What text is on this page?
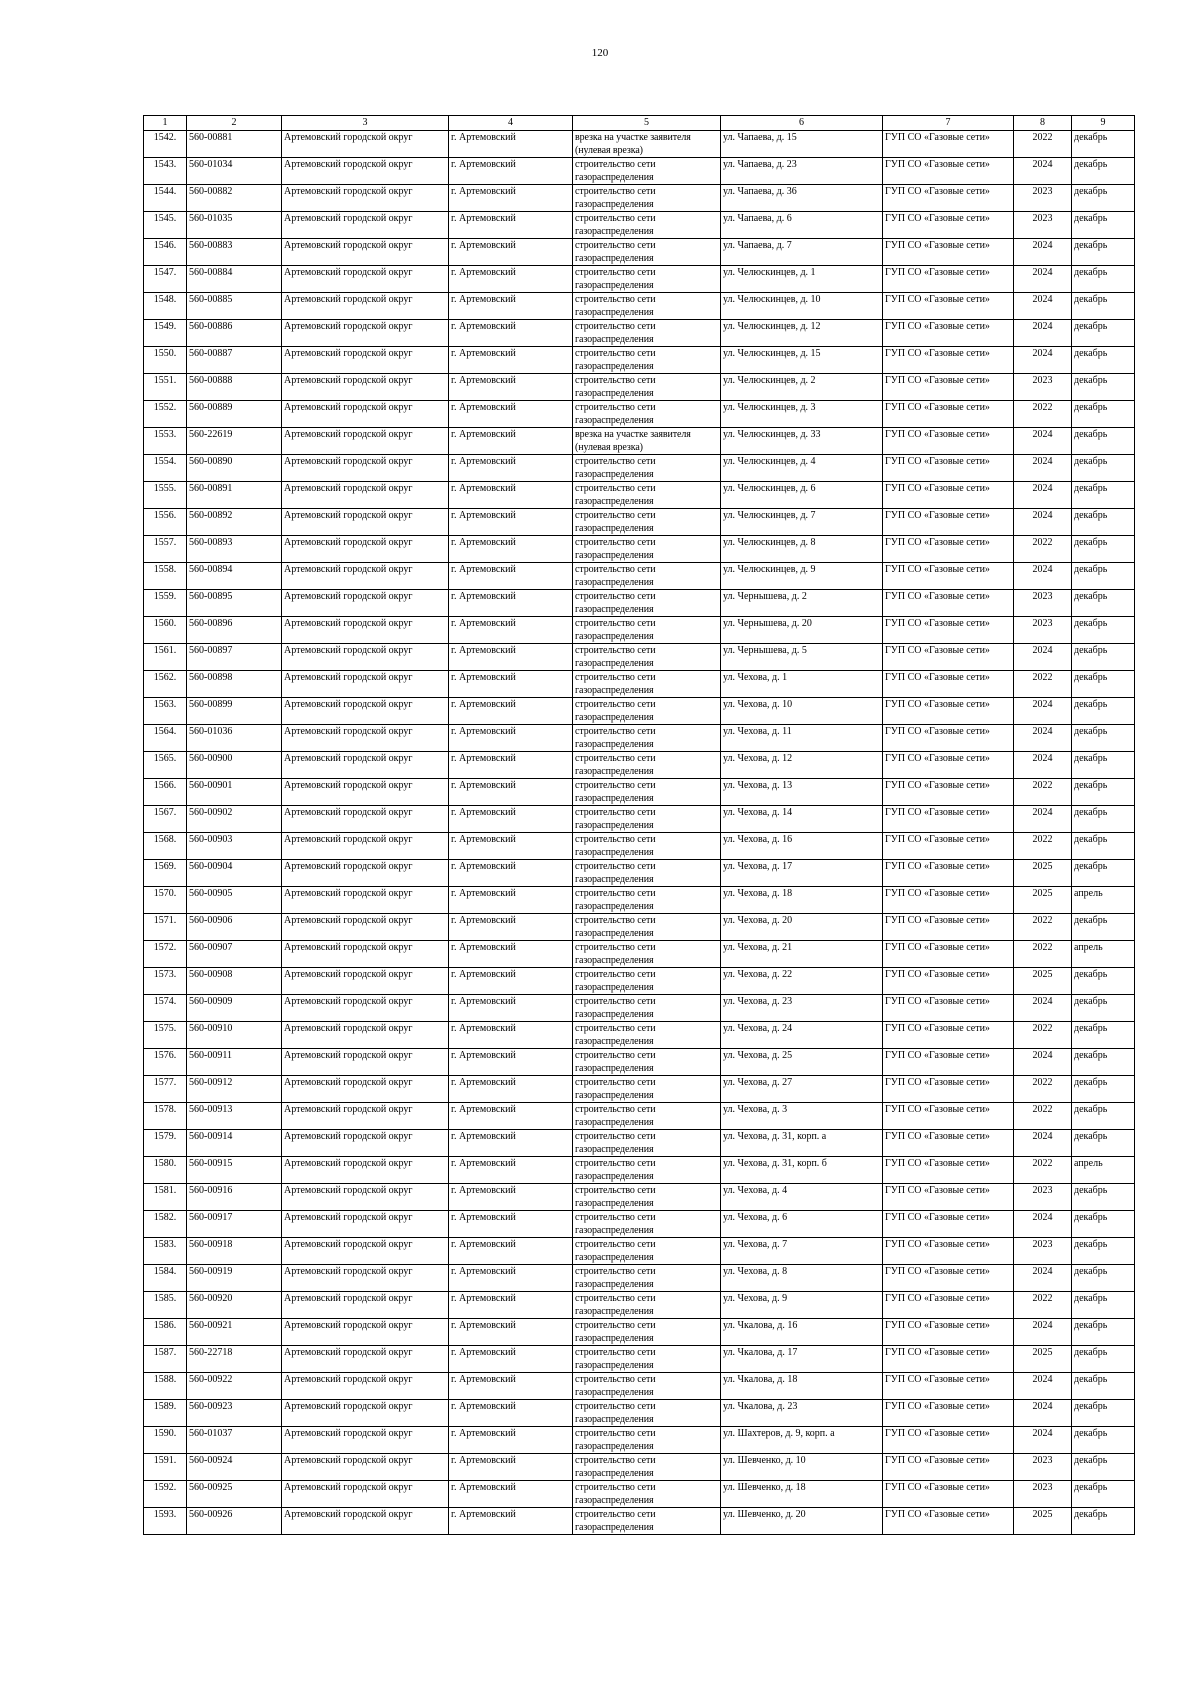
120
1	2	3	4	5	6	7	8	9
1542.	560-00881	Артемовский городской округ	г. Артемовский	врезка на участке заявителя (нулевая врезка)	ул. Чапаева, д. 15	ГУП СО «Газовые сети»	2022	декабрь
1543.	560-01034	Артемовский городской округ	г. Артемовский	строительство сети газораспределения	ул. Чапаева, д. 23	ГУП СО «Газовые сети»	2024	декабрь
1544.	560-00882	Артемовский городской округ	г. Артемовский	строительство сети газораспределения	ул. Чапаева, д. 36	ГУП СО «Газовые сети»	2023	декабрь
1545.	560-01035	Артемовский городской округ	г. Артемовский	строительство сети газораспределения	ул. Чапаева, д. 6	ГУП СО «Газовые сети»	2023	декабрь
1546.	560-00883	Артемовский городской округ	г. Артемовский	строительство сети газораспределения	ул. Чапаева, д. 7	ГУП СО «Газовые сети»	2024	декабрь
1547.	560-00884	Артемовский городской округ	г. Артемовский	строительство сети газораспределения	ул. Челюскинцев, д. 1	ГУП СО «Газовые сети»	2024	декабрь
1548.	560-00885	Артемовский городской округ	г. Артемовский	строительство сети газораспределения	ул. Челюскинцев, д. 10	ГУП СО «Газовые сети»	2024	декабрь
1549.	560-00886	Артемовский городской округ	г. Артемовский	строительство сети газораспределения	ул. Челюскинцев, д. 12	ГУП СО «Газовые сети»	2024	декабрь
1550.	560-00887	Артемовский городской округ	г. Артемовский	строительство сети газораспределения	ул. Челюскинцев, д. 15	ГУП СО «Газовые сети»	2024	декабрь
1551.	560-00888	Артемовский городской округ	г. Артемовский	строительство сети газораспределения	ул. Челюскинцев, д. 2	ГУП СО «Газовые сети»	2023	декабрь
1552.	560-00889	Артемовский городской округ	г. Артемовский	строительство сети газораспределения	ул. Челюскинцев, д. 3	ГУП СО «Газовые сети»	2022	декабрь
1553.	560-22619	Артемовский городской округ	г. Артемовский	врезка на участке заявителя (нулевая врезка)	ул. Челюскинцев, д. 33	ГУП СО «Газовые сети»	2024	декабрь
1554.	560-00890	Артемовский городской округ	г. Артемовский	строительство сети газораспределения	ул. Челюскинцев, д. 4	ГУП СО «Газовые сети»	2024	декабрь
1555.	560-00891	Артемовский городской округ	г. Артемовский	строительство сети газораспределения	ул. Челюскинцев, д. 6	ГУП СО «Газовые сети»	2024	декабрь
1556.	560-00892	Артемовский городской округ	г. Артемовский	строительство сети газораспределения	ул. Челюскинцев, д. 7	ГУП СО «Газовые сети»	2024	декабрь
1557.	560-00893	Артемовский городской округ	г. Артемовский	строительство сети газораспределения	ул. Челюскинцев, д. 8	ГУП СО «Газовые сети»	2022	декабрь
1558.	560-00894	Артемовский городской округ	г. Артемовский	строительство сети газораспределения	ул. Челюскинцев, д. 9	ГУП СО «Газовые сети»	2024	декабрь
1559.	560-00895	Артемовский городской округ	г. Артемовский	строительство сети газораспределения	ул. Чернышева, д. 2	ГУП СО «Газовые сети»	2023	декабрь
1560.	560-00896	Артемовский городской округ	г. Артемовский	строительство сети газораспределения	ул. Чернышева, д. 20	ГУП СО «Газовые сети»	2023	декабрь
1561.	560-00897	Артемовский городской округ	г. Артемовский	строительство сети газораспределения	ул. Чернышева, д. 5	ГУП СО «Газовые сети»	2024	декабрь
1562.	560-00898	Артемовский городской округ	г. Артемовский	строительство сети газораспределения	ул. Чехова, д. 1	ГУП СО «Газовые сети»	2022	декабрь
1563.	560-00899	Артемовский городской округ	г. Артемовский	строительство сети газораспределения	ул. Чехова, д. 10	ГУП СО «Газовые сети»	2024	декабрь
1564.	560-01036	Артемовский городской округ	г. Артемовский	строительство сети газораспределения	ул. Чехова, д. 11	ГУП СО «Газовые сети»	2024	декабрь
1565.	560-00900	Артемовский городской округ	г. Артемовский	строительство сети газораспределения	ул. Чехова, д. 12	ГУП СО «Газовые сети»	2024	декабрь
1566.	560-00901	Артемовский городской округ	г. Артемовский	строительство сети газораспределения	ул. Чехова, д. 13	ГУП СО «Газовые сети»	2022	декабрь
1567.	560-00902	Артемовский городской округ	г. Артемовский	строительство сети газораспределения	ул. Чехова, д. 14	ГУП СО «Газовые сети»	2024	декабрь
1568.	560-00903	Артемовский городской округ	г. Артемовский	строительство сети газораспределения	ул. Чехова, д. 16	ГУП СО «Газовые сети»	2022	декабрь
1569.	560-00904	Артемовский городской округ	г. Артемовский	строительство сети газораспределения	ул. Чехова, д. 17	ГУП СО «Газовые сети»	2025	декабрь
1570.	560-00905	Артемовский городской округ	г. Артемовский	строительство сети газораспределения	ул. Чехова, д. 18	ГУП СО «Газовые сети»	2025	апрель
1571.	560-00906	Артемовский городской округ	г. Артемовский	строительство сети газораспределения	ул. Чехова, д. 20	ГУП СО «Газовые сети»	2022	декабрь
1572.	560-00907	Артемовский городской округ	г. Артемовский	строительство сети газораспределения	ул. Чехова, д. 21	ГУП СО «Газовые сети»	2022	апрель
1573.	560-00908	Артемовский городской округ	г. Артемовский	строительство сети газораспределения	ул. Чехова, д. 22	ГУП СО «Газовые сети»	2025	декабрь
1574.	560-00909	Артемовский городской округ	г. Артемовский	строительство сети газораспределения	ул. Чехова, д. 23	ГУП СО «Газовые сети»	2024	декабрь
1575.	560-00910	Артемовский городской округ	г. Артемовский	строительство сети газораспределения	ул. Чехова, д. 24	ГУП СО «Газовые сети»	2022	декабрь
1576.	560-00911	Артемовский городской округ	г. Артемовский	строительство сети газораспределения	ул. Чехова, д. 25	ГУП СО «Газовые сети»	2024	декабрь
1577.	560-00912	Артемовский городской округ	г. Артемовский	строительство сети газораспределения	ул. Чехова, д. 27	ГУП СО «Газовые сети»	2022	декабрь
1578.	560-00913	Артемовский городской округ	г. Артемовский	строительство сети газораспределения	ул. Чехова, д. 3	ГУП СО «Газовые сети»	2022	декабрь
1579.	560-00914	Артемовский городской округ	г. Артемовский	строительство сети газораспределения	ул. Чехова, д. 31, корп. а	ГУП СО «Газовые сети»	2024	декабрь
1580.	560-00915	Артемовский городской округ	г. Артемовский	строительство сети газораспределения	ул. Чехова, д. 31, корп. б	ГУП СО «Газовые сети»	2022	апрель
1581.	560-00916	Артемовский городской округ	г. Артемовский	строительство сети газораспределения	ул. Чехова, д. 4	ГУП СО «Газовые сети»	2023	декабрь
1582.	560-00917	Артемовский городской округ	г. Артемовский	строительство сети газораспределения	ул. Чехова, д. 6	ГУП СО «Газовые сети»	2024	декабрь
1583.	560-00918	Артемовский городской округ	г. Артемовский	строительство сети газораспределения	ул. Чехова, д. 7	ГУП СО «Газовые сети»	2023	декабрь
1584.	560-00919	Артемовский городской округ	г. Артемовский	строительство сети газораспределения	ул. Чехова, д. 8	ГУП СО «Газовые сети»	2024	декабрь
1585.	560-00920	Артемовский городской округ	г. Артемовский	строительство сети газораспределения	ул. Чехова, д. 9	ГУП СО «Газовые сети»	2022	декабрь
1586.	560-00921	Артемовский городской округ	г. Артемовский	строительство сети газораспределения	ул. Чкалова, д. 16	ГУП СО «Газовые сети»	2024	декабрь
1587.	560-22718	Артемовский городской округ	г. Артемовский	строительство сети газораспределения	ул. Чкалова, д. 17	ГУП СО «Газовые сети»	2025	декабрь
1588.	560-00922	Артемовский городской округ	г. Артемовский	строительство сети газораспределения	ул. Чкалова, д. 18	ГУП СО «Газовые сети»	2024	декабрь
1589.	560-00923	Артемовский городской округ	г. Артемовский	строительство сети газораспределения	ул. Чкалова, д. 23	ГУП СО «Газовые сети»	2024	декабрь
1590.	560-01037	Артемовский городской округ	г. Артемовский	строительство сети газораспределения	ул. Шахтеров, д. 9, корп. а	ГУП СО «Газовые сети»	2024	декабрь
1591.	560-00924	Артемовский городской округ	г. Артемовский	строительство сети газораспределения	ул. Шевченко, д. 10	ГУП СО «Газовые сети»	2023	декабрь
1592.	560-00925	Артемовский городской округ	г. Артемовский	строительство сети газораспределения	ул. Шевченко, д. 18	ГУП СО «Газовые сети»	2023	декабрь
1593.	560-00926	Артемовский городской округ	г. Артемовский	строительство сети газораспределения	ул. Шевченко, д. 20	ГУП СО «Газовые сети»	2025	декабрь
